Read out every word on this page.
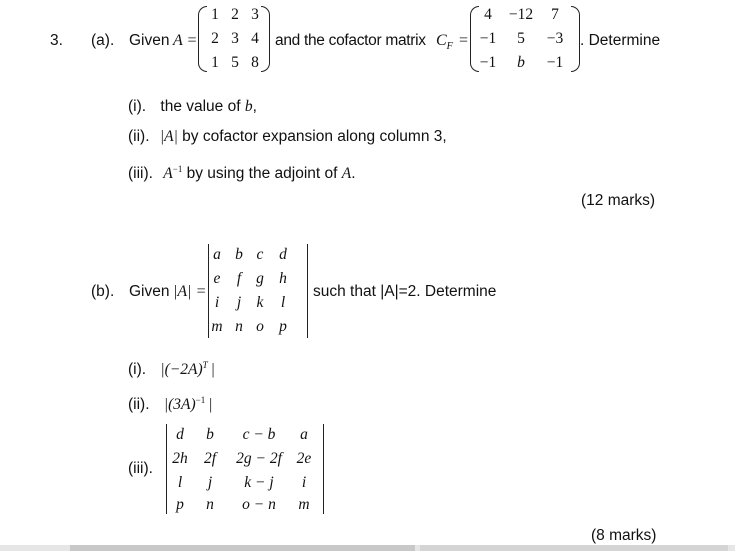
3. (a). Given A =
1 2 3
2 3 4
1 5 8
and the cofactor matrix $C_F$ =
4	−12	7
−1	5	−3
−1	b	−1
. Determine
(i). the value of b,
(ii). |A| by cofactor expansion along column 3,
(iii). $A^{-1}$ by using the adjoint of A.
(12 marks)
(b). Given |A| =
a b c	d
e	f g h
i	j k	l
m n o p
such that |A|=2. Determine
(i). $|(-2A)^T$ |
(ii). $|(3A)^{-1}$ |
(iii).
d	b	c − b	a
2h	2f	2g − 2f 2e
l	j	k − j	i
p	n	o − n	m
(8 marks)
